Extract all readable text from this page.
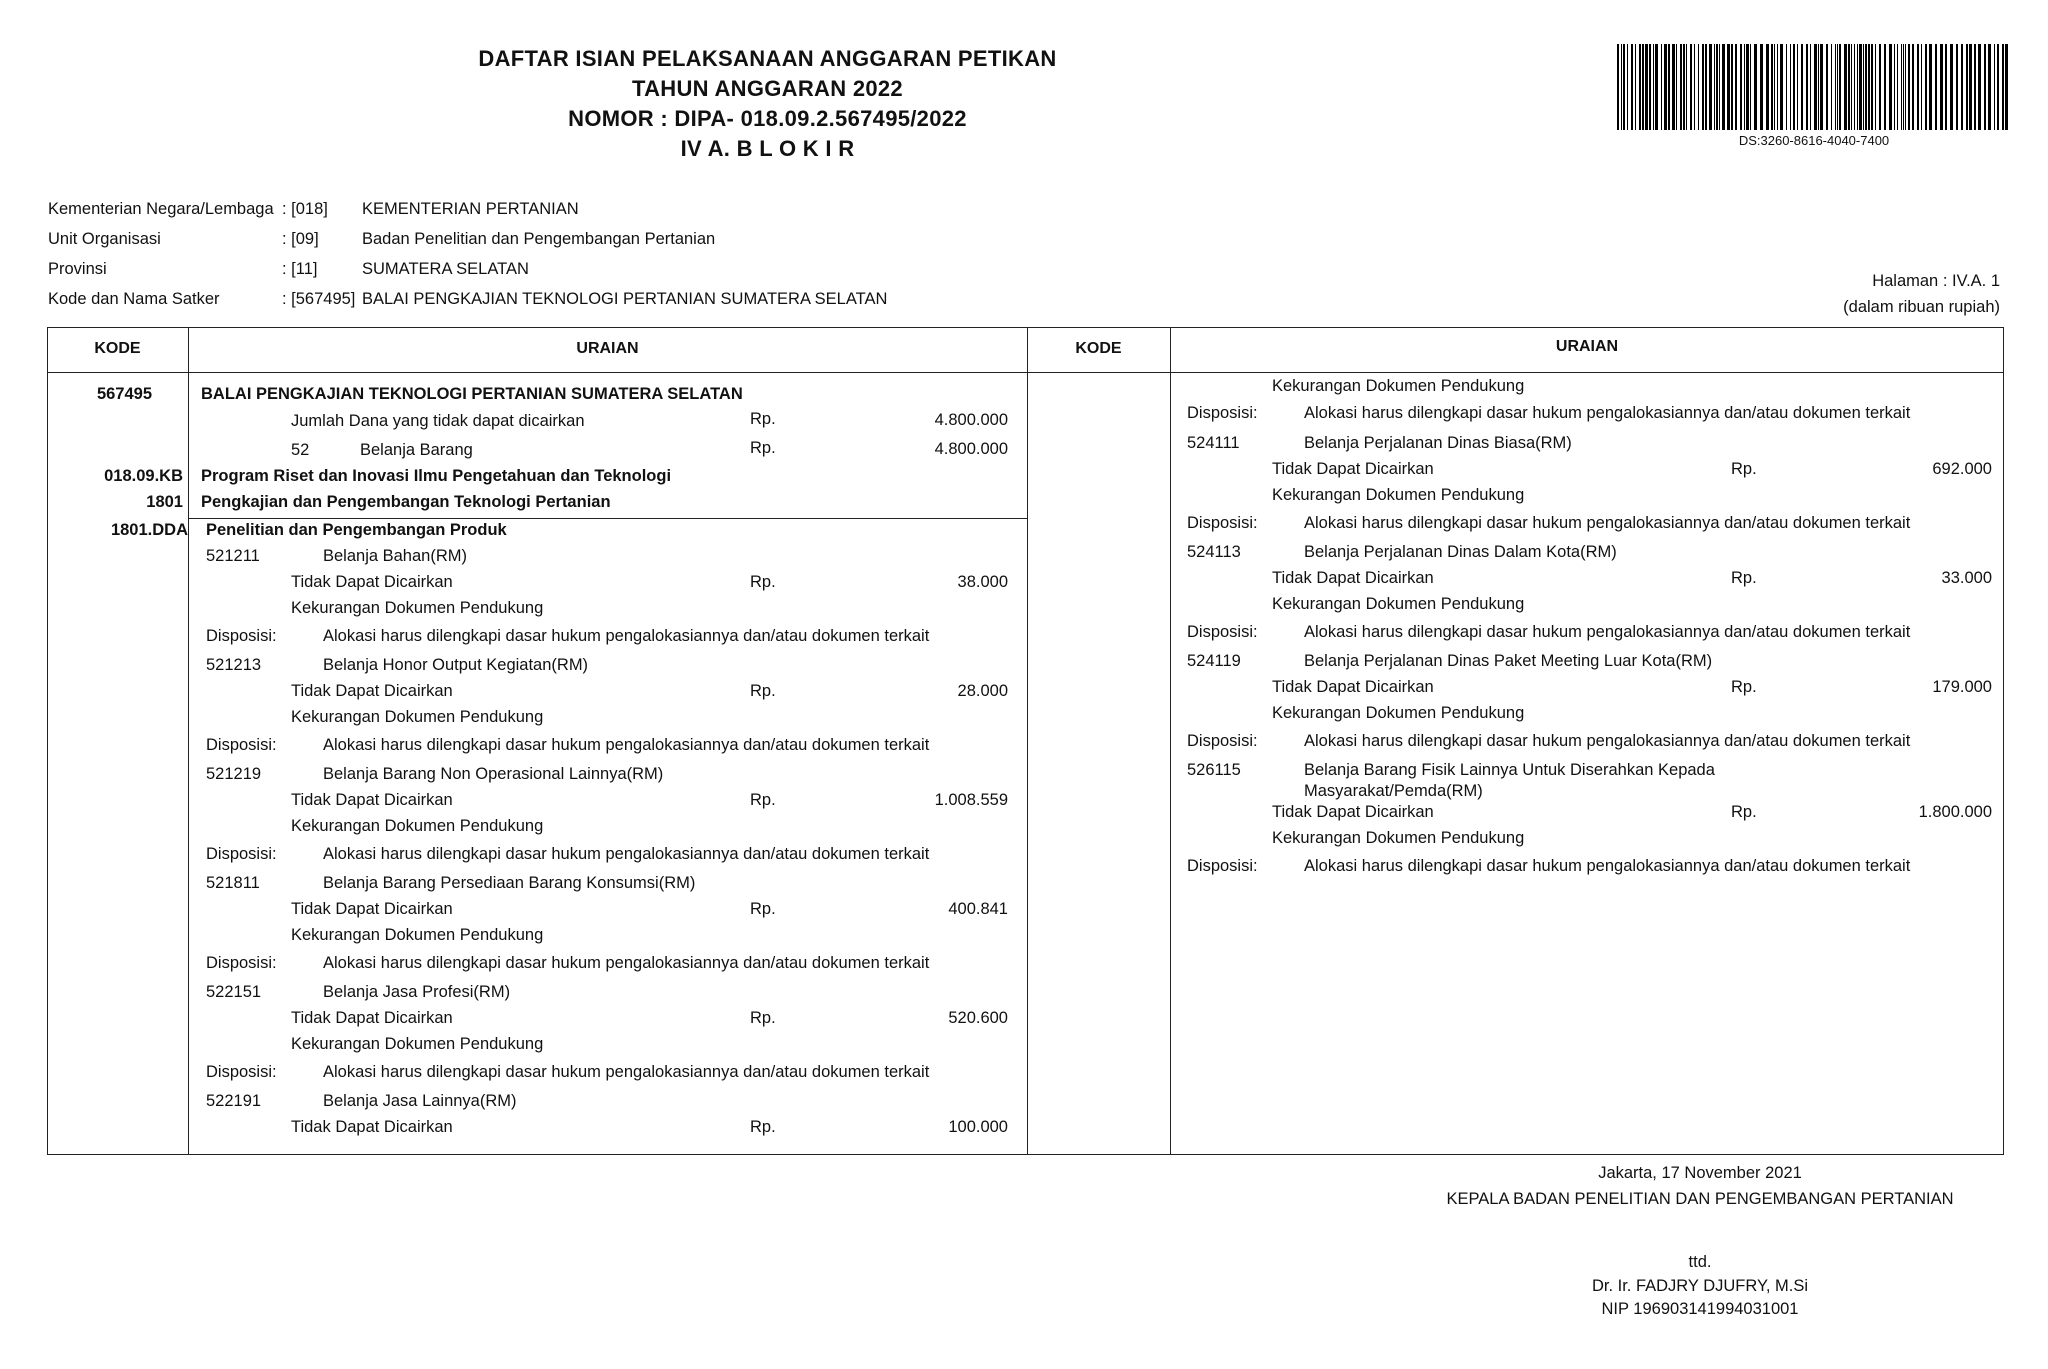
DAFTAR ISIAN PELAKSANAAN ANGGARAN PETIKAN
TAHUN ANGGARAN 2022
NOMOR : DIPA- 018.09.2.567495/2022
IV A. B L O K I R	DS:3260-8616-4040-7400
Kementerian Negara/Lembaga : [018] KEMENTERIAN PERTANIAN
Unit Organisasi	: [09]	Badan Penelitian dan Pengembangan Pertanian
Provinsi	: [11]	SUMATERA SELATAN
Kode dan Nama Satker	: [567495] BALAI PENGKAJIAN TEKNOLOGI PERTANIAN SUMATERA SELATAN
Halaman : IV.A. 1
(dalam ribuan rupiah)
KODE	URAIAN	KODE	URAIAN
567495	BALAI PENGKAJIAN TEKNOLOGI PERTANIAN SUMATERA SELATAN
Jumlah Dana yang tidak dapat dicairkan	Rp.	4.800.000
52	Belanja Barang	Rp.	4.800.000
018.09.KB Program Riset dan Inovasi Ilmu Pengetahuan dan Teknologi
1801 Pengkajian dan Pengembangan Teknologi Pertanian
1801.DDA Penelitian dan Pengembangan Produk
521211	Belanja Bahan(RM)
Tidak Dapat Dicairkan	Rp.	38.000
Kekurangan Dokumen Pendukung
Disposisi:	Alokasi harus dilengkapi dasar hukum pengalokasiannya dan/atau dokumen terkait
521213	Belanja Honor Output Kegiatan(RM)
Tidak Dapat Dicairkan	Rp.	28.000
Kekurangan Dokumen Pendukung
Disposisi:	Alokasi harus dilengkapi dasar hukum pengalokasiannya dan/atau dokumen terkait
521219	Belanja Barang Non Operasional Lainnya(RM)
Tidak Dapat Dicairkan	Rp.	1.008.559
Kekurangan Dokumen Pendukung
Disposisi:	Alokasi harus dilengkapi dasar hukum pengalokasiannya dan/atau dokumen terkait
521811	Belanja Barang Persediaan Barang Konsumsi(RM)
Tidak Dapat Dicairkan	Rp.	400.841
Kekurangan Dokumen Pendukung
Disposisi:	Alokasi harus dilengkapi dasar hukum pengalokasiannya dan/atau dokumen terkait
522151	Belanja Jasa Profesi(RM)
Tidak Dapat Dicairkan	Rp.	520.600
Kekurangan Dokumen Pendukung
Disposisi:	Alokasi harus dilengkapi dasar hukum pengalokasiannya dan/atau dokumen terkait
522191	Belanja Jasa Lainnya(RM)
Tidak Dapat Dicairkan	Rp.	100.000
Kekurangan Dokumen Pendukung
Disposisi:	Alokasi harus dilengkapi dasar hukum pengalokasiannya dan/atau dokumen terkait
524111	Belanja Perjalanan Dinas Biasa(RM)
Tidak Dapat Dicairkan	Rp.	692.000
Kekurangan Dokumen Pendukung
Disposisi:	Alokasi harus dilengkapi dasar hukum pengalokasiannya dan/atau dokumen terkait
524113	Belanja Perjalanan Dinas Dalam Kota(RM)
Tidak Dapat Dicairkan	Rp.	33.000
Kekurangan Dokumen Pendukung
Disposisi:	Alokasi harus dilengkapi dasar hukum pengalokasiannya dan/atau dokumen terkait
524119	Belanja Perjalanan Dinas Paket Meeting Luar Kota(RM)
Tidak Dapat Dicairkan	Rp.	179.000
Kekurangan Dokumen Pendukung
Disposisi:	Alokasi harus dilengkapi dasar hukum pengalokasiannya dan/atau dokumen terkait
526115	Belanja Barang Fisik Lainnya Untuk Diserahkan Kepada
Masyarakat/Pemda(RM)
Tidak Dapat Dicairkan	Rp.	1.800.000
Kekurangan Dokumen Pendukung
Disposisi:	Alokasi harus dilengkapi dasar hukum pengalokasiannya dan/atau dokumen terkait
Jakarta, 17 November 2021
KEPALA BADAN PENELITIAN DAN PENGEMBANGAN PERTANIAN
ttd.
Dr. Ir. FADJRY DJUFRY, M.Si
NIP 196903141994031001
